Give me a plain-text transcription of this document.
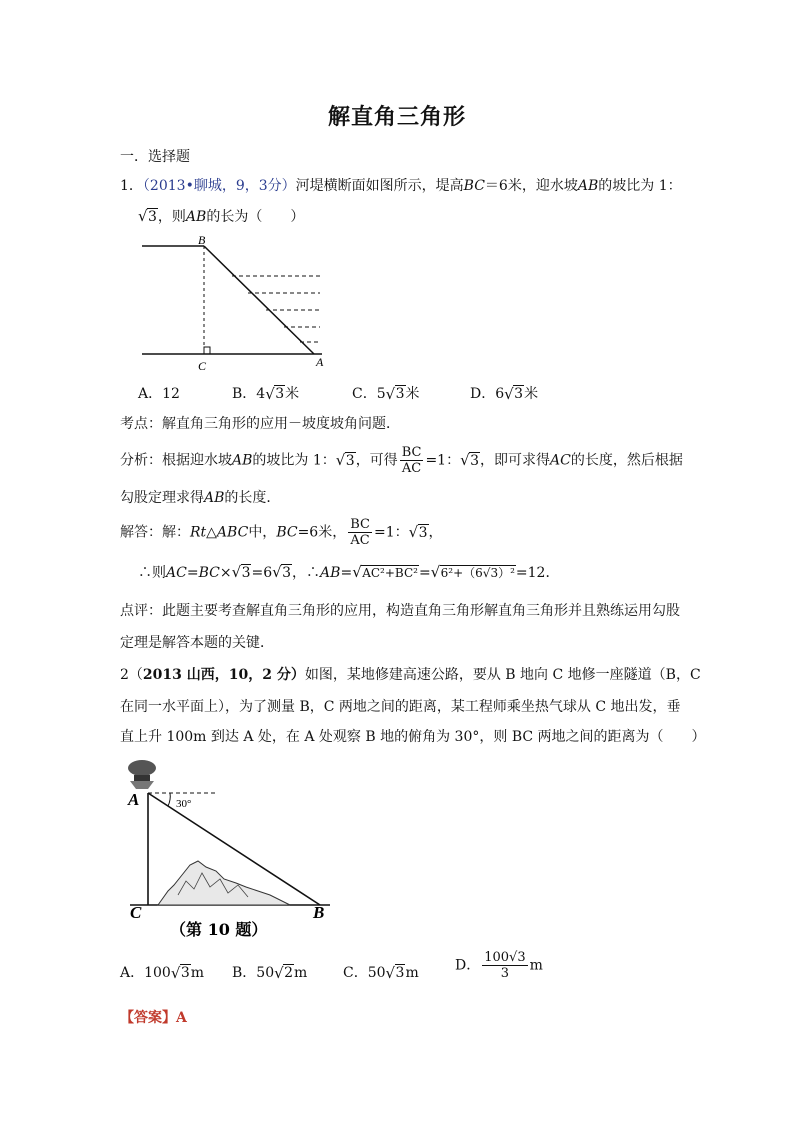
解直角三角形
一．选择题
1．（2013•聊城，9，3分）河堤横断面如图所示，堤高BC＝6米，迎水坡AB的坡比为 1：
√ 3，则AB的长为（　　）
B
C	A
A．12	B．4 √ 3米	C．5 √ 3米	D．6 √ 3米
考点：解直角三角形的应用－坡度坡角问题．
分析：根据迎水坡AB的坡比为 1： √ 3，可得 $\frac{BC}{AC} =1$： √ 3，即可求得AC的长度，然后根据
勾股定理求得AB的长度．
解答：解：Rt△ABC中，BC=6米， $\frac{BC}{AC} =1$： √ 3，
∴则AC=BC× √ 3=6 √ 3，∴AB= √ AC²+BC²= √ 6²+（6√3）²=12．
点评：此题主要考查解直角三角形的应用，构造直角三角形解直角三角形并且熟练运用勾股
定理是解答本题的关键．
2（2013 山西，10，2 分）如图，某地修建高速公路，要从 B 地向 C 地修一座隧道（B，C
在同一水平面上），为了测量 B，C 两地之间的距离，某工程师乘坐热气球从 C 地出发，垂
直上升 100m 到达 A 处，在 A 处观察 B 地的俯角为 30°，则 BC 两地之间的距离为（　　）
30°
A
C	B
（第 10 题）
A．100 √ 3m B．50 √ 2m	C．50 √ 3m	D． $\frac{100√3}{3}$ m
【答案】A
